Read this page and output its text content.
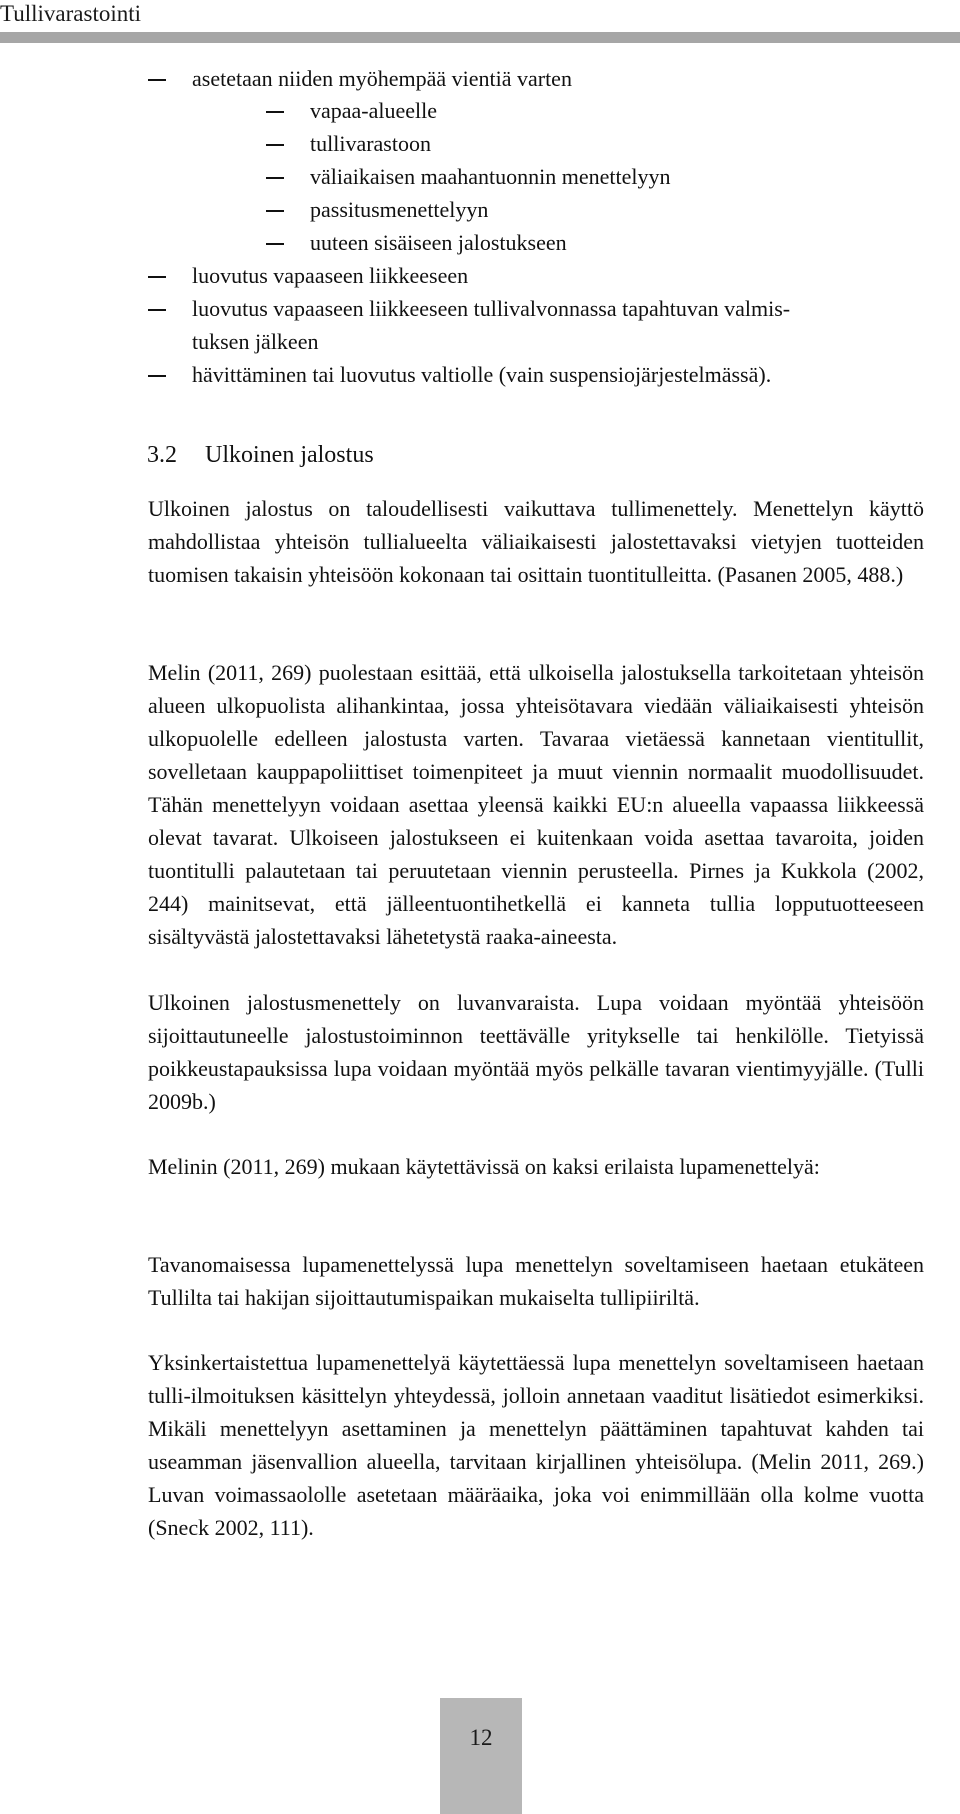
Tullivarastointi
asetetaan niiden myöhempää vientiä varten
vapaa-alueelle
tullivarastoon
väliaikaisen maahantuonnin menettelyyn
passitusmenettelyyn
uuteen sisäiseen jalostukseen
luovutus vapaaseen liikkeeseen
luovutus vapaaseen liikkeeseen tullivalvonnassa tapahtuvan valmis-
tuksen jälkeen
hävittäminen tai luovutus valtiolle (vain suspensiojärjestelmässä).
3.2 Ulkoinen jalostus

Ulkoinen jalostus on taloudellisesti vaikuttava tullimenettely. Menettelyn käyttö mahdollistaa yhteisön tullialueelta väliaikaisesti jalostettavaksi vietyjen tuotteiden tuomisen takaisin yhteisöön kokonaan tai osittain tuontitulleitta. (Pasanen 2005, 488.)

Melin (2011, 269) puolestaan esittää, että ulkoisella jalostuksella tarkoitetaan yhteisön alueen ulkopuolista alihankintaa, jossa yhteisötavara viedään väliaikaisesti yhteisön ulkopuolelle edelleen jalostusta varten. Tavaraa vietäessä kannetaan vientitullit, sovelletaan kauppapoliittiset toimenpiteet ja muut viennin normaalit muodollisuudet. Tähän menettelyyn voidaan asettaa yleensä kaikki EU:n alueella vapaassa liikkeessä olevat tavarat. Ulkoiseen jalostukseen ei kuitenkaan voida asettaa tavaroita, joiden tuontitulli palautetaan tai peruutetaan viennin perusteella. Pirnes ja Kukkola (2002, 244) mainitsevat, että jälleentuontihetkellä ei kanneta tullia lopputuotteeseen sisältyvästä jalostettavaksi lähetetystä raaka-aineesta.

Ulkoinen jalostusmenettely on luvanvaraista. Lupa voidaan myöntää yhteisöön sijoittautuneelle jalostustoiminnon teettävälle yritykselle tai henkilölle. Tietyissä poikkeustapauksissa lupa voidaan myöntää myös pelkälle tavaran vientimyyjälle. (Tulli 2009b.)

Melinin (2011, 269) mukaan käytettävissä on kaksi erilaista lupamenettelyä:

Tavanomaisessa lupamenettelyssä lupa menettelyn soveltamiseen haetaan etukäteen Tullilta tai hakijan sijoittautumispaikan mukaiselta tullipiiriltä.

Yksinkertaistettua lupamenettelyä käytettäessä lupa menettelyn soveltamiseen haetaan tulli-ilmoituksen käsittelyn yhteydessä, jolloin annetaan vaaditut lisätiedot esimerkiksi. Mikäli menettelyyn asettaminen ja menettelyn päättäminen tapahtuvat kahden tai useamman jäsenvallion alueella, tarvitaan kirjallinen yhteisölupa. (Melin 2011, 269.) Luvan voimassaololle asetetaan määräaika, joka voi enimmillään olla kolme vuotta (Sneck 2002, 111).

12
